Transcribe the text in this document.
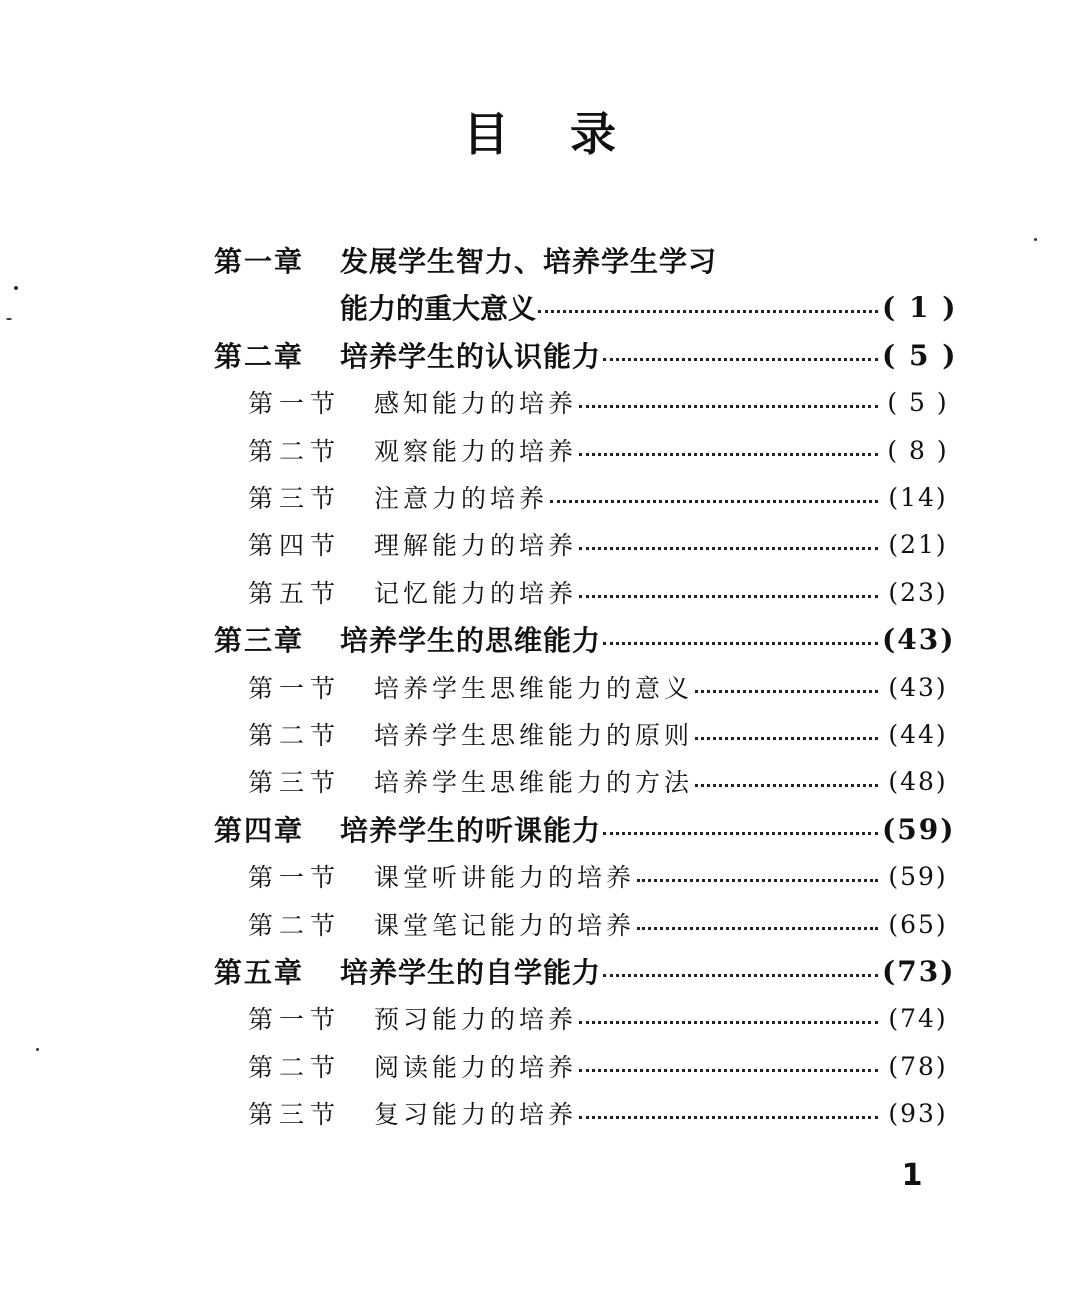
目 录
第一章	发展学生智力、培养学生学习
能力的重大意义	( 1 )
第二章	培养学生的认识能力	( 5 )
第一节	感知能力的培养	( 5 )
第二节	观察能力的培养	( 8 )
第三节	注意力的培养	(14)
第四节	理解能力的培养	(21)
第五节	记忆能力的培养	(23)
第三章	培养学生的思维能力	(43)
第一节	培养学生思维能力的意义	(43)
第二节	培养学生思维能力的原则	(44)
第三节	培养学生思维能力的方法	(48)
第四章	培养学生的听课能力	(59)
第一节	课堂听讲能力的培养	(59)
第二节	课堂笔记能力的培养	(65)
第五章	培养学生的自学能力	(73)
第一节	预习能力的培养	(74)
第二节	阅读能力的培养	(78)
第三节	复习能力的培养	(93)
1
